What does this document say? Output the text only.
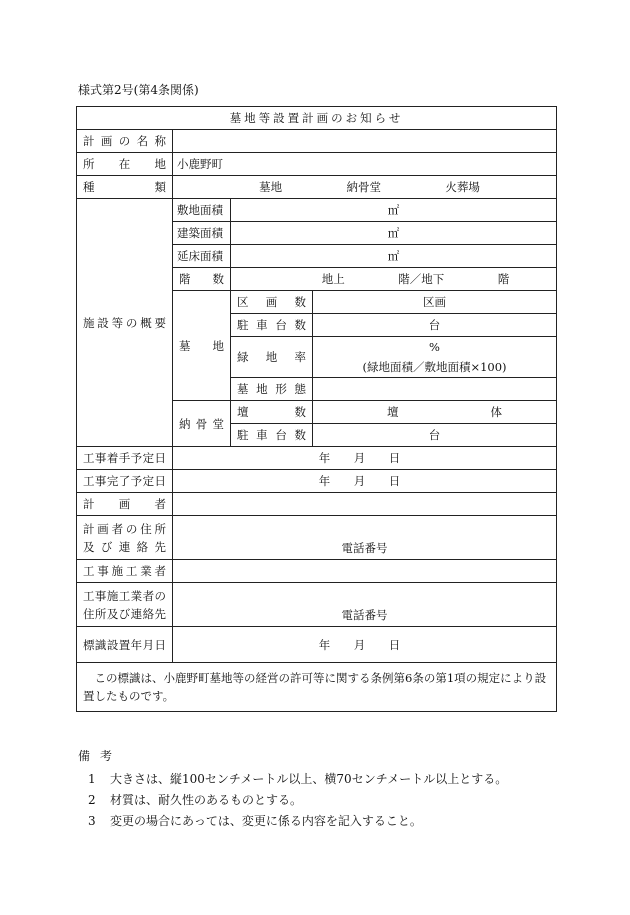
様式第2号(第4条関係)
墓地等設置計画のお知らせ			
計画の名称			
所在地	小鹿野町		
種類	墓地 納骨堂 火葬場		

施設等の概要	敷地面積	㎡	
	建築面積	㎡	
	延床面積	㎡	
	階数	地上 階／地下 階	

	墓地	区画数	区画
		駐車台数	台
		緑地率	%
(緑地面積／敷地面積×100)

		墓地形態	
	納骨堂	壇数	壇 体

		駐車台数	台
工事着手予定日	年 月 日		

工事完了予定日	年 月 日		

計画者			

計画者の住所
及び連絡先	電話番号		
工事施工業者			

工事施工業者の
住所及び連絡先	電話番号		
標識設置年月日	年 月 日		

この標識は、小鹿野町墓地等の経営の許可等に関する条例第6条の第1項の規定により設置したものです。			
備考
1 大きさは、縦100センチメートル以上、横70センチメートル以上とする。
2 材質は、耐久性のあるものとする。
3 変更の場合にあっては、変更に係る内容を記入すること。
